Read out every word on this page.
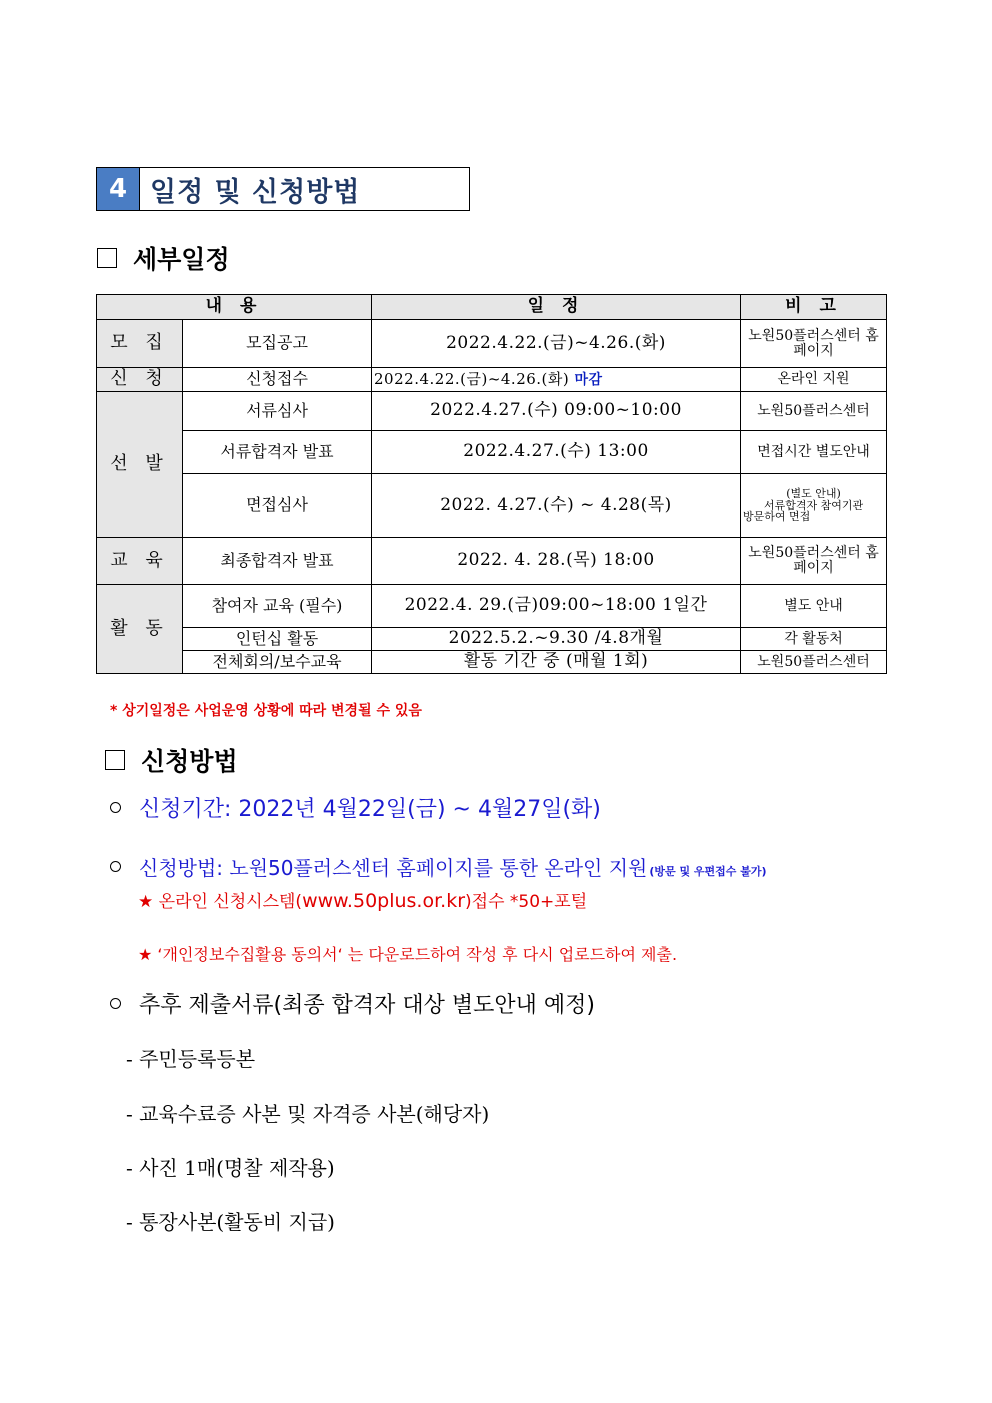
4 일정 및 신청방법
세부일정
내 용		일 정	비 고
모 집	모집공고	2022.4.22.(금)~4.26.(화)	노원50플러스센터 홈페이지
신 청	신청접수	2022.4.22.(금)~4.26.(화) 마감	온라인 지원
선 발	서류심사	2022.4.27.(수) 09:00~10:00	노원50플러스센터
	서류합격자 발표	2022.4.27.(수) 13:00	면접시간 별도안내
	면접심사	2022. 4.27.(수) ~ 4.28(목)	(별도 안내)
서류합격자 참여기관
방문하여 면접

교 육	최종합격자 발표	2022. 4. 28.(목) 18:00	노원50플러스센터 홈페이지
활 동	참여자 교육 (필수)	2022.4. 29.(금)09:00~18:00 1일간	별도 안내
	인턴십 활동	2022.5.2.~9.30 /4.8개월	각 활동처
	전체회의/보수교육	활동 기간 중 (매월 1회)	노원50플러스센터
* 상기일정은 사업운영 상황에 따라 변경될 수 있음
신청방법
신청기간: 2022년 4월22일(금) ~ 4월27일(화)
신청방법: 노원50플러스센터 홈페이지를 통한 온라인 지원 (방문 및 우편접수 불가)
★ 온라인 신청시스템(www.50plus.or.kr)접수 *50+포털
★ ‘개인정보수집활용 동의서‘ 는 다운로드하여 작성 후 다시 업로드하여 제출.
추후 제출서류(최종 합격자 대상 별도안내 예정)
- 주민등록등본
- 교육수료증 사본 및 자격증 사본(해당자)
- 사진 1매(명찰 제작용)
- 통장사본(활동비 지급)
